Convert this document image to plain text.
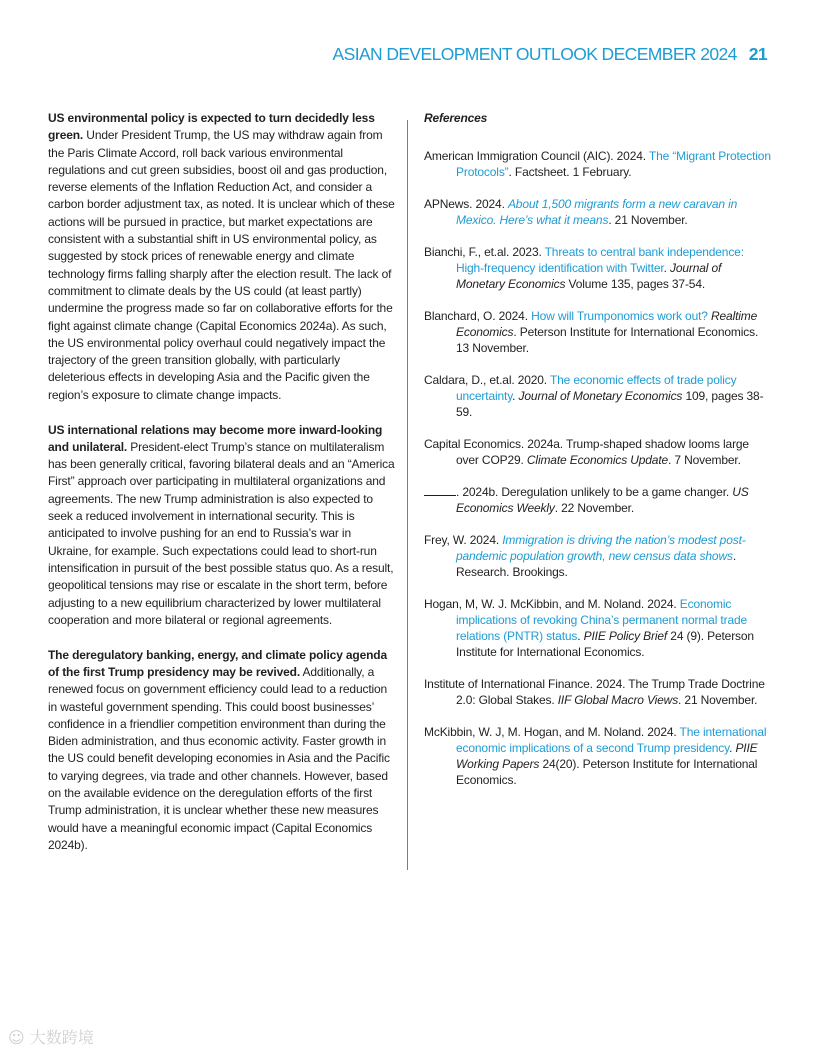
ASIAN DEVELOPMENT OUTLOOK DECEMBER 2024 21

US environmental policy is expected to turn decidedly less green. Under President Trump, the US may withdraw again from the Paris Climate Accord, roll back various environmental regulations and cut green subsidies, boost oil and gas production, reverse elements of the Inflation Reduction Act, and consider a carbon border adjustment tax, as noted. It is unclear which of these actions will be pursued in practice, but market expectations are consistent with a substantial shift in US environmental policy, as suggested by stock prices of renewable energy and climate technology firms falling sharply after the election result. The lack of commitment to climate deals by the US could (at least partly) undermine the progress made so far on collaborative efforts for the fight against climate change (Capital Economics 2024a). As such, the US environmental policy overhaul could negatively impact the trajectory of the green transition globally, with particularly deleterious effects in developing Asia and the Pacific given the region’s exposure to climate change impacts.

US international relations may become more inward-looking and unilateral. President-elect Trump’s stance on multilateralism has been generally critical, favoring bilateral deals and an “America First” approach over participating in multilateral organizations and agreements. The new Trump administration is also expected to seek a reduced involvement in international security. This is anticipated to involve pushing for an end to Russia’s war in Ukraine, for example. Such expectations could lead to short-run intensification in pursuit of the best possible status quo. As a result, geopolitical tensions may rise or escalate in the short term, before adjusting to a new equilibrium characterized by lower multilateral cooperation and more bilateral or regional agreements.

The deregulatory banking, energy, and climate policy agenda of the first Trump presidency may be revived. Additionally, a renewed focus on government efficiency could lead to a reduction in wasteful government spending. This could boost businesses’ confidence in a friendlier competition environment than during the Biden administration, and thus economic activity. Faster growth in the US could benefit developing economies in Asia and the Pacific to varying degrees, via trade and other channels. However, based on the available evidence on the deregulation efforts of the first Trump administration, it is unclear whether these new measures would have a meaningful economic impact (Capital Economics 2024b).

References
American Immigration Council (AIC). 2024. The “Migrant Protection Protocols”. Factsheet. 1 February.
APNews. 2024. About 1,500 migrants form a new caravan in Mexico. Here’s what it means. 21 November.
Bianchi, F., et.al. 2023. Threats to central bank independence: High-frequency identification with Twitter. Journal of Monetary Economics Volume 135, pages 37-54.
Blanchard, O. 2024. How will Trumponomics work out? Realtime Economics. Peterson Institute for International Economics. 13 November.
Caldara, D., et.al. 2020. The economic effects of trade policy uncertainty. Journal of Monetary Economics 109, pages 38-59.
Capital Economics. 2024a. Trump-shaped shadow looms large over COP29. Climate Economics Update. 7 November.
. 2024b. Deregulation unlikely to be a game changer. US Economics Weekly. 22 November.
Frey, W. 2024. Immigration is driving the nation’s modest post-pandemic population growth, new census data shows. Research. Brookings.
Hogan, M, W. J. McKibbin, and M. Noland. 2024. Economic implications of revoking China’s permanent normal trade relations (PNTR) status. PIIE Policy Brief 24 (9). Peterson Institute for International Economics.
Institute of International Finance. 2024. The Trump Trade Doctrine 2.0: Global Stakes. IIF Global Macro Views. 21 November.
McKibbin, W. J, M. Hogan, and M. Noland. 2024. The international economic implications of a second Trump presidency. PIIE Working Papers 24(20). Peterson Institute for International Economics.
☺ 大数跨境
